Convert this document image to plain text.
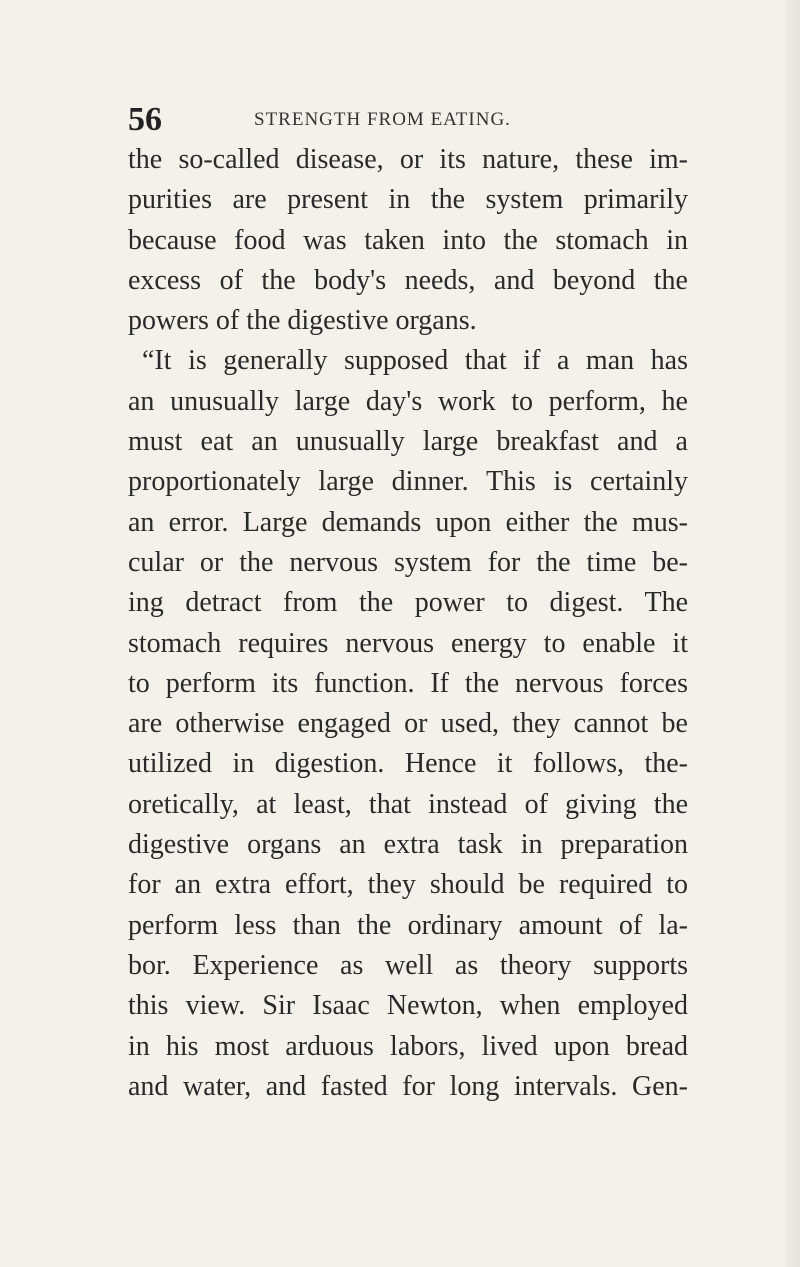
56	STRENGTH FROM EATING.
the so-called disease, or its nature, these im-
purities are present in the system primarily
because food was taken into the stomach in
excess of the body's needs, and beyond the
powers of the digestive organs.
“It is generally supposed that if a man has
an unusually large day's work to perform, he
must eat an unusually large breakfast and a
proportionately large dinner. This is certainly
an error. Large demands upon either the mus-
cular or the nervous system for the time be-
ing detract from the power to digest. The
stomach requires nervous energy to enable it
to perform its function. If the nervous forces
are otherwise engaged or used, they cannot be
utilized in digestion. Hence it follows, the-
oretically, at least, that instead of giving the
digestive organs an extra task in preparation
for an extra effort, they should be required to
perform less than the ordinary amount of la-
bor. Experience as well as theory supports
this view. Sir Isaac Newton, when employed
in his most arduous labors, lived upon bread
and water, and fasted for long intervals. Gen-
